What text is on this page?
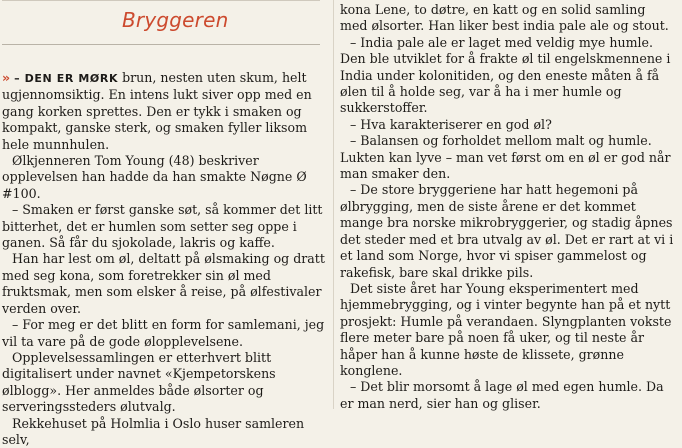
Bryggeren

» – DEN ER MØRK brun, nesten uten skum, helt ugjennomsiktig. En intens lukt siver opp med en gang korken sprettes. Den er tykk i smaken og kompakt, ganske sterk, og smaken fyller liksom hele munnhulen.

Ølkjenneren Tom Young (48) beskriver opplevelsen han hadde da han smakte Nøgne Ø #100.

– Smaken er først ganske søt, så kommer det litt bitterhet, det er humlen som setter seg oppe i ganen. Så får du sjokolade, lakris og kaffe.

Han har lest om øl, deltatt på ølsmaking og dratt med seg kona, som foretrekker sin øl med fruktsmak, men som elsker å reise, på ølfestivaler verden over.

– For meg er det blitt en form for samlemani, jeg vil ta vare på de gode ølopplevelsene.

Opplevelsessamlingen er etterhvert blitt digitalisert under navnet «Kjempetorskens ølblogg». Her anmeldes både ølsorter og serveringssteders ølutvalg.

Rekkehuset på Holmlia i Oslo huser samleren selv,

kona Lene, to døtre, en katt og en solid samling med ølsorter. Han liker best india pale ale og stout.

– India pale ale er laget med veldig mye humle. Den ble utviklet for å frakte øl til engelskmennene i India under kolonitiden, og den eneste måten å få ølen til å holde seg, var å ha i mer humle og sukkerstoffer.

– Hva karakteriserer en god øl?

– Balansen og forholdet mellom malt og humle. Lukten kan lyve – man vet først om en øl er god når man smaker den.

– De store bryggeriene har hatt hegemoni på ølbrygging, men de siste årene er det kommet mange bra norske mikrobryggerier, og stadig åpnes det steder med et bra utvalg av øl. Det er rart at vi i et land som Norge, hvor vi spiser gammelost og rakefisk, bare skal drikke pils.

Det siste året har Young eksperimentert med hjemmebrygging, og i vinter begynte han på et nytt prosjekt: Humle på verandaen. Slyngplanten vokste flere meter bare på noen få uker, og til neste år håper han å kunne høste de klissete, grønne konglene.

– Det blir morsomt å lage øl med egen humle. Da er man nerd, sier han og gliser.
